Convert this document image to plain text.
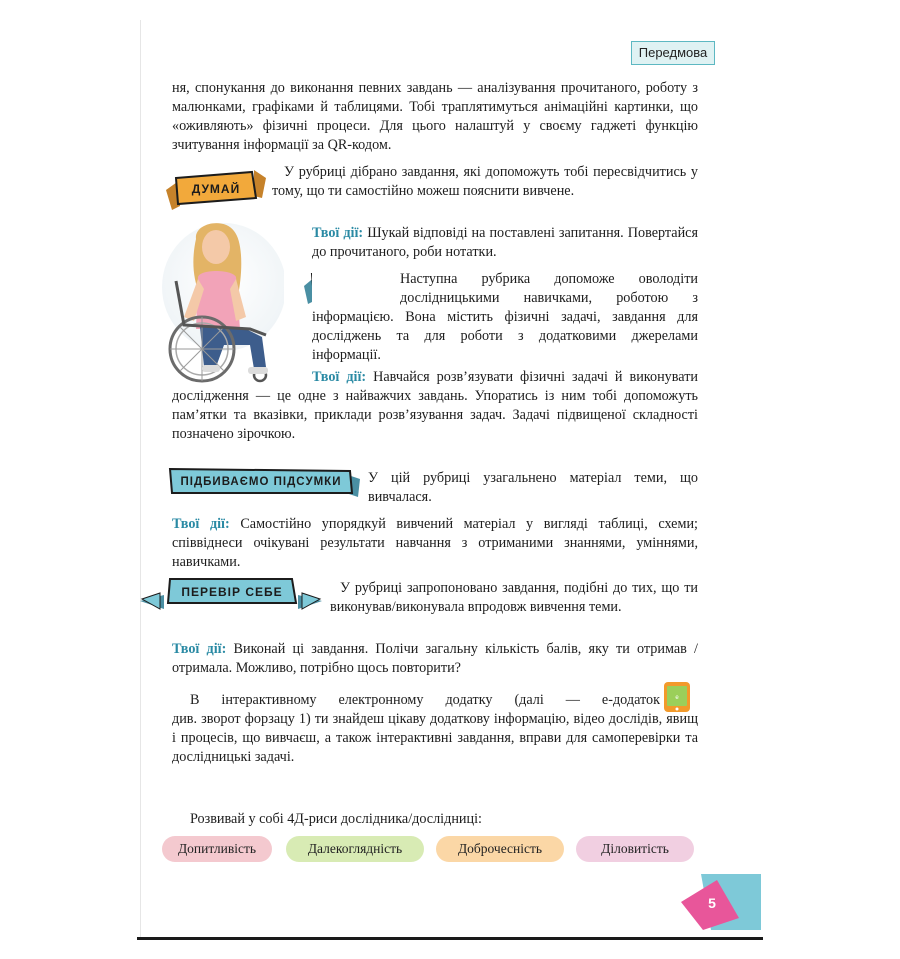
Передмова

ня, спонукання до виконання певних завдань — аналізування прочитаного, роботу з малюнками, графіками й таблицями. Тобі траплятимуться анімаційні картинки, що «оживляють» фізичні процеси. Для цього налаштуй у своєму гаджеті функцію зчитування інформації за QR-кодом.

ДУМАЙ

У рубриці дібрано завдання, які допоможуть тобі пересвідчитись у тому, що ти самостійно можеш пояснити вивчене.

Твої дії: Шукай відповіді на поставлені запитання. Повертайся до прочитаного, роби нотатки.

Наступна рубрика допоможе оволодіти дослідницькими навичками, роботою з інформацією. Вона містить фізичні задачі, завдання для досліджень та для роботи з додатковими джерелами інформації.

Твої дії: Навчайся розв’язувати фізичні задачі й виконувати дослідження — це одне з найважчих завдань. Упоратись із ним тобі допоможуть пам’ятки та вказівки, приклади розв’язування задач. Задачі підвищеної складності позначено зірочкою.

ПІДБИВАЄМО ПІДСУМКИ	У цій рубриці узагальнено матеріал теми, що вивчалася.

Твої дії: Самостійно упорядкуй вивчений матеріал у вигляді таблиці, схеми; співвіднеси очікувані результати навчання з отриманими знаннями, уміннями, навичками.

ПЕРЕВІР СЕБЕ	У рубриці запропоновано завдання, подібні до тих, що ти виконував/виконувала впродовж вивчення теми.

Твої дії: Виконай ці завдання. Полічи загальну кількість балів, яку ти отримав / отримала. Можливо, потрібно щось повторити?

В інтерактивному електронному додатку (далі — е-додаток	e

див. зворот форзацу 1) ти знайдеш цікаву додаткову інформацію, відео дослідів, явищ і процесів, що вивчаєш, а також інтерактивні завдання, вправи для самоперевірки та дослідницькі задачі.

Розвивай у собі 4Д-риси дослідника/дослідниці:

Допитливість	Далекоглядність	Доброчесність	Діловитість
5
